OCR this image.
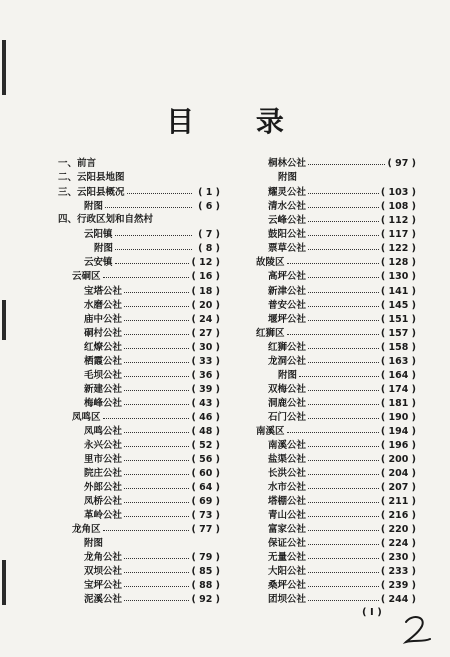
目 录
一、前言
二、云阳县地图
三、云阳县概况	( 1 )
附图	( 6 )
四、行政区划和自然村
云阳镇	( 7 )
附图	( 8 )
云安镇	( 12 )
云硐区	( 16 )
宝塔公社	( 18 )
水磨公社	( 20 )
庙中公社	( 24 )
硐村公社	( 27 )
红燎公社	( 30 )
栖霞公社	( 33 )
毛坝公社	( 36 )
新建公社	( 39 )
梅峰公社	( 43 )
凤鸣区	( 46 )
凤鸣公社	( 48 )
永兴公社	( 52 )
里市公社	( 56 )
院庄公社	( 60 )
外郎公社	( 64 )
凤桥公社	( 69 )
革岭公社	( 73 )
龙角区	( 77 )
附图
龙角公社	( 79 )
双坝公社	( 85 )
宝坪公社	( 88 )
泥溪公社	( 92 )
桐林公社	( 97 )
附图
耀灵公社	( 103 )
清水公社	( 108 )
云峰公社	( 112 )
鼓阳公社	( 117 )
票草公社	( 122 )
故陵区	( 128 )
高坪公社	( 130 )
新津公社	( 141 )
普安公社	( 145 )
堰坪公社	( 151 )
红狮区	( 157 )
红狮公社	( 158 )
龙洞公社	( 163 )
附图	( 164 )
双梅公社	( 174 )
洞鹿公社	( 181 )
石门公社	( 190 )
南溪区	( 194 )
南溪公社	( 196 )
盐渠公社	( 200 )
长洪公社	( 204 )
水市公社	( 207 )
塔棚公社	( 211 )
青山公社	( 216 )
富家公社	( 220 )
保证公社	( 224 )
无量公社	( 230 )
大阳公社	( 233 )
桑坪公社	( 239 )
团坝公社	( 244 )
( I )
